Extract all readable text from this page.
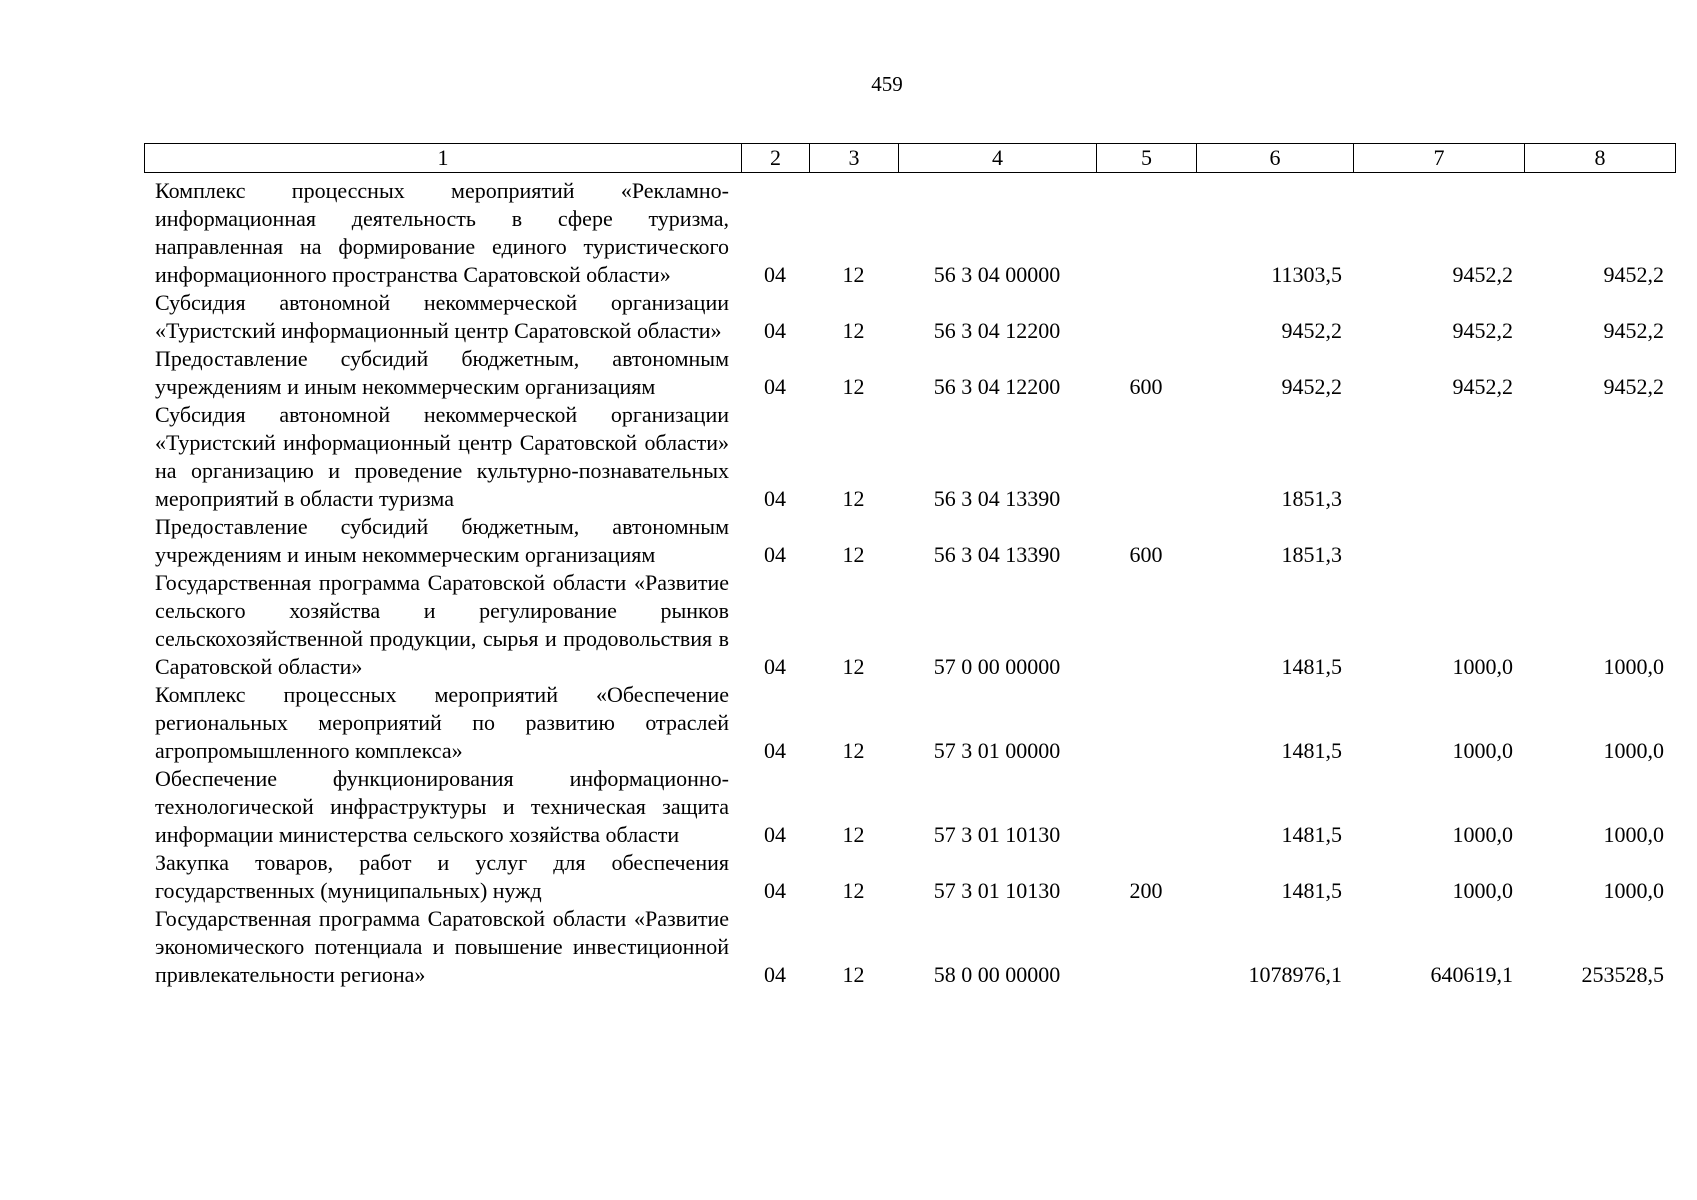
459
1	2	3	4	5	6	7	8
Комплекс процессных мероприятий «Рекламно-информационная деятельность в сфере туризма, направленная на формирование единого туристического информационного пространства Саратовской области»	04	12	56 3 04 00000		11303,5	9452,2	9452,2
Субсидия автономной некоммерческой организации «Туристский информационный центр Саратовской области»	04	12	56 3 04 12200		9452,2	9452,2	9452,2
Предоставление субсидий бюджетным, автономным учреждениям и иным некоммерческим организациям	04	12	56 3 04 12200	600	9452,2	9452,2	9452,2
Субсидия автономной некоммерческой организации «Туристский информационный центр Саратовской области» на организацию и проведение культурно-познавательных мероприятий в области туризма	04	12	56 3 04 13390		1851,3		
Предоставление субсидий бюджетным, автономным учреждениям и иным некоммерческим организациям	04	12	56 3 04 13390	600	1851,3		
Государственная программа Саратовской области «Развитие сельского хозяйства и регулирование рынков сельскохозяйственной продукции, сырья и продовольствия в Саратовской области»	04	12	57 0 00 00000		1481,5	1000,0	1000,0
Комплекс процессных мероприятий «Обеспечение региональных мероприятий по развитию отраслей агропромышленного комплекса»	04	12	57 3 01 00000		1481,5	1000,0	1000,0
Обеспечение функционирования информационно-технологической инфраструктуры и техническая защита информации министерства сельского хозяйства области	04	12	57 3 01 10130		1481,5	1000,0	1000,0
Закупка товаров, работ и услуг для обеспечения государственных (муниципальных) нужд	04	12	57 3 01 10130	200	1481,5	1000,0	1000,0
Государственная программа Саратовской области «Развитие экономического потенциала и повышение инвестиционной привлекательности региона»	04	12	58 0 00 00000		1078976,1	640619,1	253528,5
